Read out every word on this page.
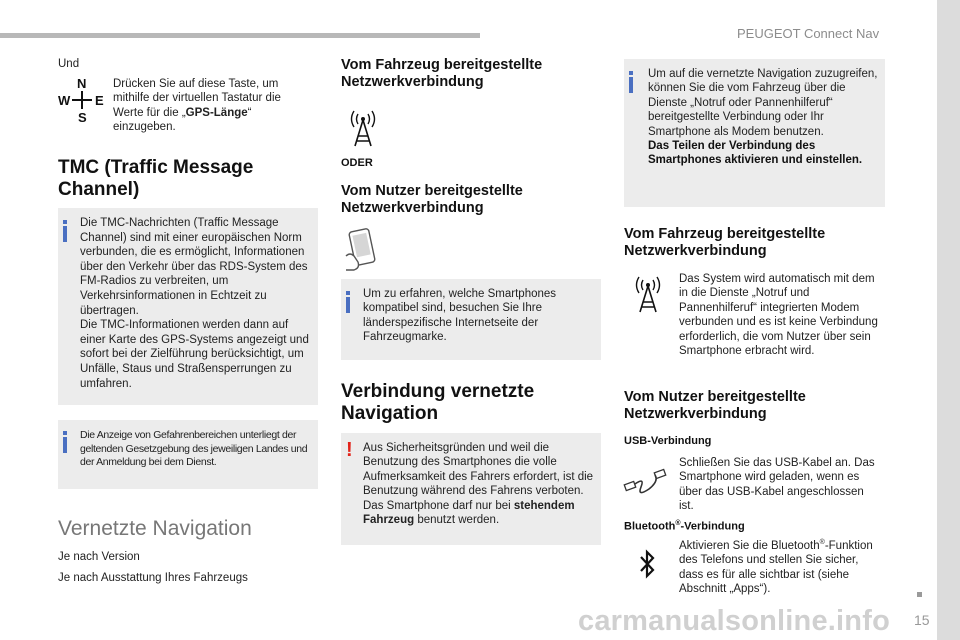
PEUGEOT Connect Nav
15
carmanualsonline.info
Und
N
S
W E
Drücken Sie auf diese Taste, um mithilfe der virtuellen Tastatur die Werte für die „GPS-Länge“ einzugeben.
TMC (Traffic Message
Channel)
Die TMC-Nachrichten (Traffic Message Channel) sind mit einer europäischen Norm verbunden, die es ermöglicht, Informationen über den Verkehr über das RDS-System des FM-Radios zu verbreiten, um Verkehrsinformationen in Echtzeit zu übertragen.
Die TMC-Informationen werden dann auf einer Karte des GPS-Systems angezeigt und sofort bei der Zielführung berücksichtigt, um Unfälle, Staus und Straßensperrungen zu umfahren.
Die Anzeige von Gefahrenbereichen unterliegt der geltenden Gesetzgebung des jeweiligen Landes und der Anmeldung bei dem Dienst.
Vernetzte Navigation
Je nach Version
Je nach Ausstattung Ihres Fahrzeugs
Vom Fahrzeug bereitgestellte
Netzwerkverbindung
ODER
Vom Nutzer bereitgestellte
Netzwerkverbindung
Um zu erfahren, welche Smartphones kompatibel sind, besuchen Sie Ihre länderspezifische Internetseite der Fahrzeugmarke.
Verbindung vernetzte
Navigation
! Aus Sicherheitsgründen und weil die Benutzung des Smartphones die volle Aufmerksamkeit des Fahrers erfordert, ist die Benutzung während des Fahrens verboten.
Das Smartphone darf nur bei stehendem Fahrzeug benutzt werden.
Um auf die vernetzte Navigation zuzugreifen, können Sie die vom Fahrzeug über die Dienste „Notruf oder Pannenhilferuf“ bereitgestellte Verbindung oder Ihr Smartphone als Modem benutzen.
Das Teilen der Verbindung des Smartphones aktivieren und einstellen.
Vom Fahrzeug bereitgestellte
Netzwerkverbindung
Das System wird automatisch mit dem in die Dienste „Notruf und Pannenhilferuf“ integrierten Modem verbunden und es ist keine Verbindung erforderlich, die vom Nutzer über sein Smartphone erbracht wird.
Vom Nutzer bereitgestellte
Netzwerkverbindung
USB-Verbindung
Schließen Sie das USB-Kabel an. Das Smartphone wird geladen, wenn es über das USB-Kabel angeschlossen ist.
Bluetooth®-Verbindung
Aktivieren Sie die Bluetooth®-Funktion des Telefons und stellen Sie sicher, dass es für alle sichtbar ist (siehe Abschnitt „Apps“).
